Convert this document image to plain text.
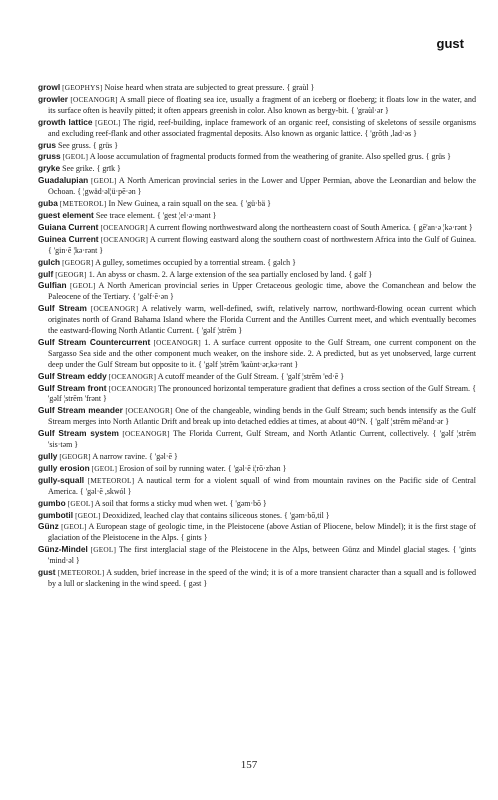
gust

growl [GEOPHYS] Noise heard when strata are subjected to great pressure. { graùl }

growler [OCEANOGR] A small piece of floating sea ice, usually a fragment of an iceberg or floeberg; it floats low in the water, and its surface often is heavily pitted; it often appears greenish in color. Also known as bergy-bit. { 'graùl·ər }

growth lattice [GEOL] The rigid, reef-building, inplace framework of an organic reef, consisting of skeletons of sessile organisms and excluding reef-flank and other associated fragmental deposits. Also known as organic lattice. { 'grōth ,lad·əs }

grus See gruss. { grüs }

gruss [GEOL] A loose accumulation of fragmental products formed from the weathering of granite. Also spelled grus. { grüs }

gryke See grike. { grīk }

Guadalupian [GEOL] A North American provincial series in the Lower and Upper Permian, above the Leonardian and below the Ochoan. { ¦gwäd·əl¦ü·pē·ən }

guba [METEOROL] In New Guinea, a rain squall on the sea. { 'gü·bä }

guest element See trace element. { 'gest ¦el·ə·mənt }

Guiana Current [OCEANOGR] A current flowing northwestward along the northeastern coast of South America. { gē'an·ə ¦kə·rənt }

Guinea Current [OCEANOGR] A current flowing eastward along the southern coast of northwestern Africa into the Gulf of Guinea. { 'gin·ē ¦kə·rənt }

gulch [GEOGR] A gulley, sometimes occupied by a torrential stream. { gəlch }

gulf [GEOGR] 1. An abyss or chasm. 2. A large extension of the sea partially enclosed by land. { gəlf }

Gulfian [GEOL] A North American provincial series in Upper Cretaceous geologic time, above the Comanchean and below the Paleocene of the Tertiary. { 'gəlf·ē·ən }

Gulf Stream [OCEANOGR] A relatively warm, well-defined, swift, relatively narrow, northward-flowing ocean current which originates north of Grand Bahama Island where the Florida Current and the Antilles Current meet, and which eventually becomes the eastward-flowing North Atlantic Current. { 'gəlf ¦strēm }

Gulf Stream Countercurrent [OCEANOGR] 1. A surface current opposite to the Gulf Stream, one current component on the Sargasso Sea side and the other component much weaker, on the inshore side. 2. A predicted, but as yet unobserved, large current deep under the Gulf Stream but opposite to it. { 'gəlf ¦strēm 'kaùnt·ər,kə·rənt }

Gulf Stream eddy [OCEANOGR] A cutoff meander of the Gulf Stream. { 'gəlf ¦strēm 'ed·ē }

Gulf Stream front [OCEANOGR] The pronounced horizontal temperature gradient that defines a cross section of the Gulf Stream. { 'gəlf ¦strēm 'frənt }

Gulf Stream meander [OCEANOGR] One of the changeable, winding bends in the Gulf Stream; such bends intensify as the Gulf Stream merges into North Atlantic Drift and break up into detached eddies at times, at about 40°N. { 'gəlf ¦strēm mē'and·ər }

Gulf Stream system [OCEANOGR] The Florida Current, Gulf Stream, and North Atlantic Current, collectively. { 'gəlf ¦strēm 'sis·təm }

gully [GEOGR] A narrow ravine. { 'gəl·ē }

gully erosion [GEOL] Erosion of soil by running water. { 'gəl·ē i¦rō·zhən }

gully-squall [METEOROL] A nautical term for a violent squall of wind from mountain ravines on the Pacific side of Central America. { 'gəl·ē ,skwól }

gumbo [GEOL] A soil that forms a sticky mud when wet. { 'gəm·bō }

gumbotil [GEOL] Deoxidized, leached clay that contains siliceous stones. { 'gəm·bō,til }

Günz [GEOL] A European stage of geologic time, in the Pleistocene (above Astian of Pliocene, below Mindel); it is the first stage of glaciation of the Pleistocene in the Alps. { gints }

Günz-Mindel [GEOL] The first interglacial stage of the Pleistocene in the Alps, between Günz and Mindel glacial stages. { 'gints 'mind·əl }

gust [METEOROL] A sudden, brief increase in the speed of the wind; it is of a more transient character than a squall and is followed by a lull or slackening in the wind speed. { gəst }

157
